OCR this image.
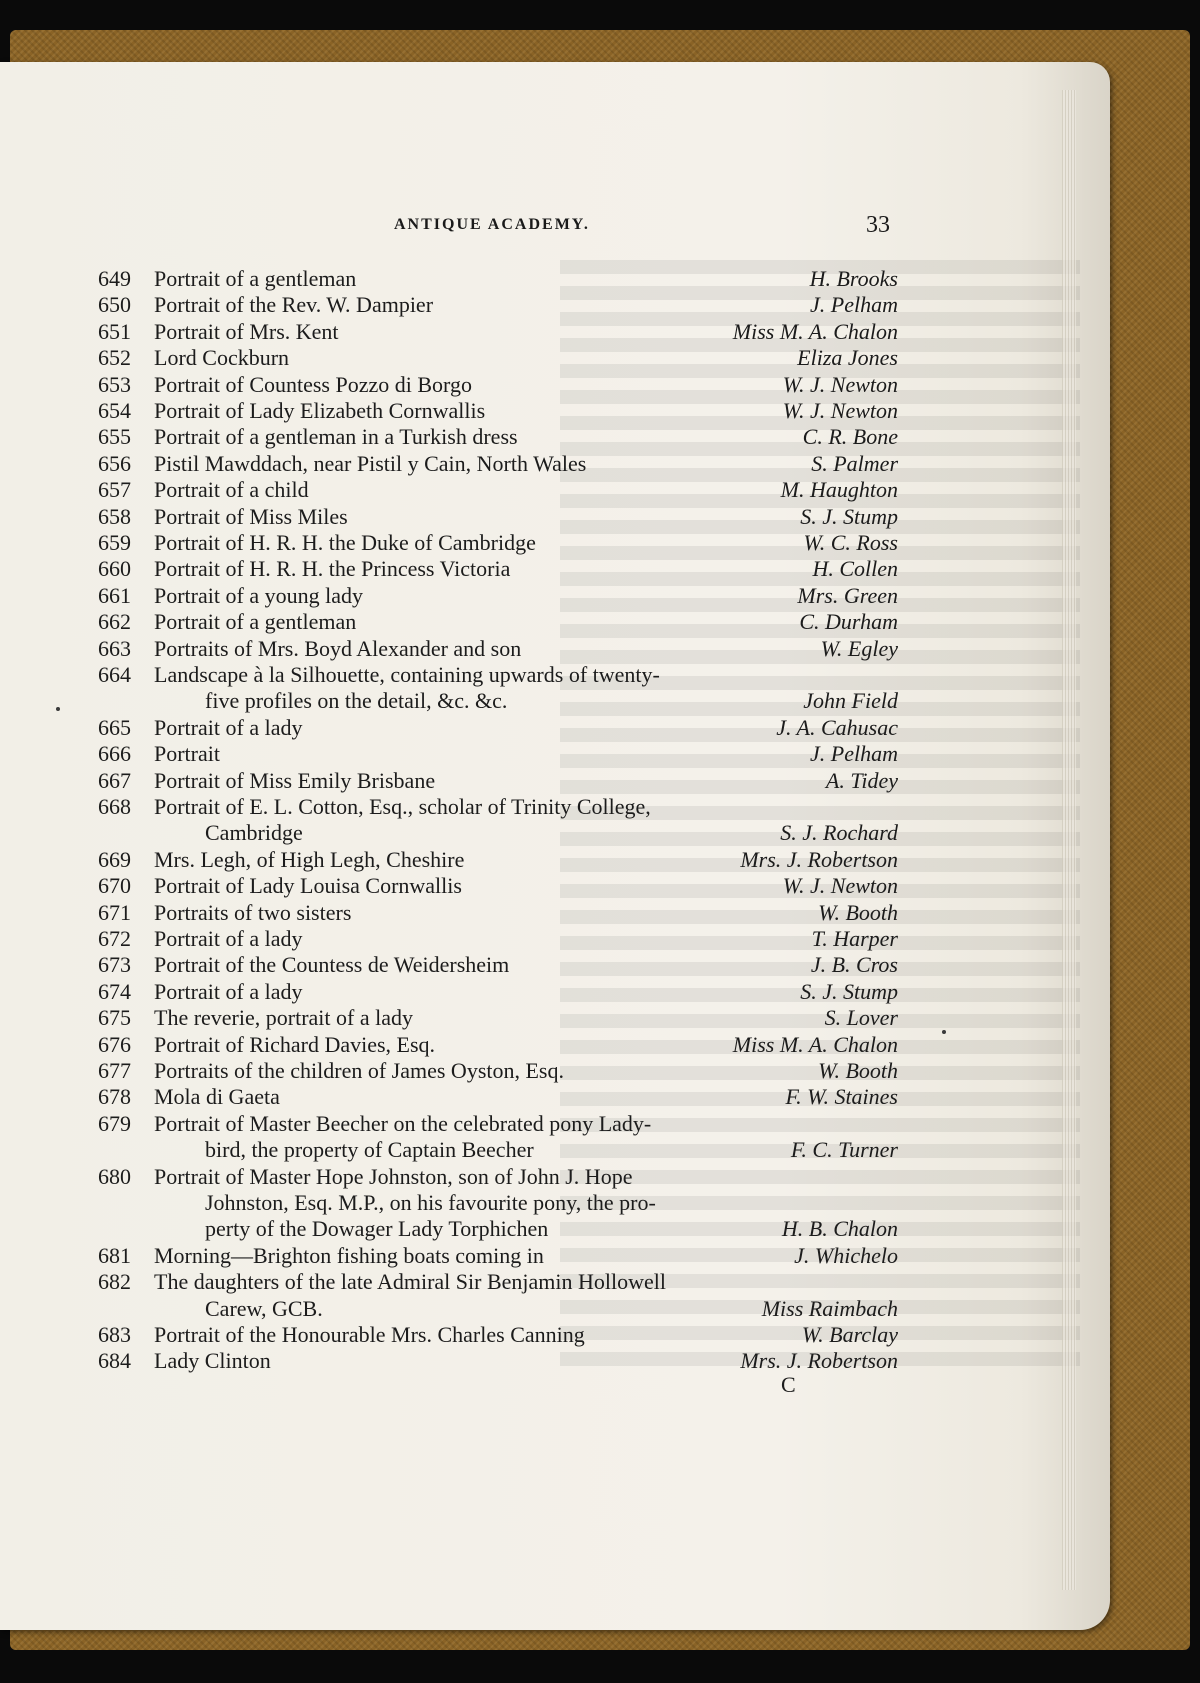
ANTIQUE ACADEMY.	33
649 Portrait of a gentleman	H. Brooks
650 Portrait of the Rev. W. Dampier	J. Pelham
651 Portrait of Mrs. Kent	Miss M. A. Chalon
652 Lord Cockburn	Eliza Jones
653 Portrait of Countess Pozzo di Borgo	W. J. Newton
654 Portrait of Lady Elizabeth Cornwallis	W. J. Newton
655 Portrait of a gentleman in a Turkish dress	C. R. Bone
656 Pistil Mawddach, near Pistil y Cain, North Wales	S. Palmer
657 Portrait of a child	M. Haughton
658 Portrait of Miss Miles	S. J. Stump
659 Portrait of H. R. H. the Duke of Cambridge	W. C. Ross
660 Portrait of H. R. H. the Princess Victoria	H. Collen
661 Portrait of a young lady	Mrs. Green
662 Portrait of a gentleman	C. Durham
663 Portraits of Mrs. Boyd Alexander and son	W. Egley
664 Landscape à la Silhouette, containing upwards of twenty-
five profiles on the detail, &c. &c.	John Field
665 Portrait of a lady	J. A. Cahusac
666 Portrait	J. Pelham
667 Portrait of Miss Emily Brisbane	A. Tidey
668 Portrait of E. L. Cotton, Esq., scholar of Trinity College,
Cambridge	S. J. Rochard
669 Mrs. Legh, of High Legh, Cheshire	Mrs. J. Robertson
670 Portrait of Lady Louisa Cornwallis	W. J. Newton
671 Portraits of two sisters	W. Booth
672 Portrait of a lady	T. Harper
673 Portrait of the Countess de Weidersheim	J. B. Cros
674 Portrait of a lady	S. J. Stump
675 The reverie, portrait of a lady	S. Lover
676 Portrait of Richard Davies, Esq.	Miss M. A. Chalon
677 Portraits of the children of James Oyston, Esq.	W. Booth
678 Mola di Gaeta	F. W. Staines
679 Portrait of Master Beecher on the celebrated pony Lady-
bird, the property of Captain Beecher	F. C. Turner
680 Portrait of Master Hope Johnston, son of John J. Hope
Johnston, Esq. M.P., on his favourite pony, the pro-
perty of the Dowager Lady Torphichen	H. B. Chalon
681 Morning—Brighton fishing boats coming in	J. Whichelo
682 The daughters of the late Admiral Sir Benjamin Hollowell
Carew, GCB.	Miss Raimbach
683 Portrait of the Honourable Mrs. Charles Canning	W. Barclay
684 Lady Clinton	Mrs. J. Robertson
C
